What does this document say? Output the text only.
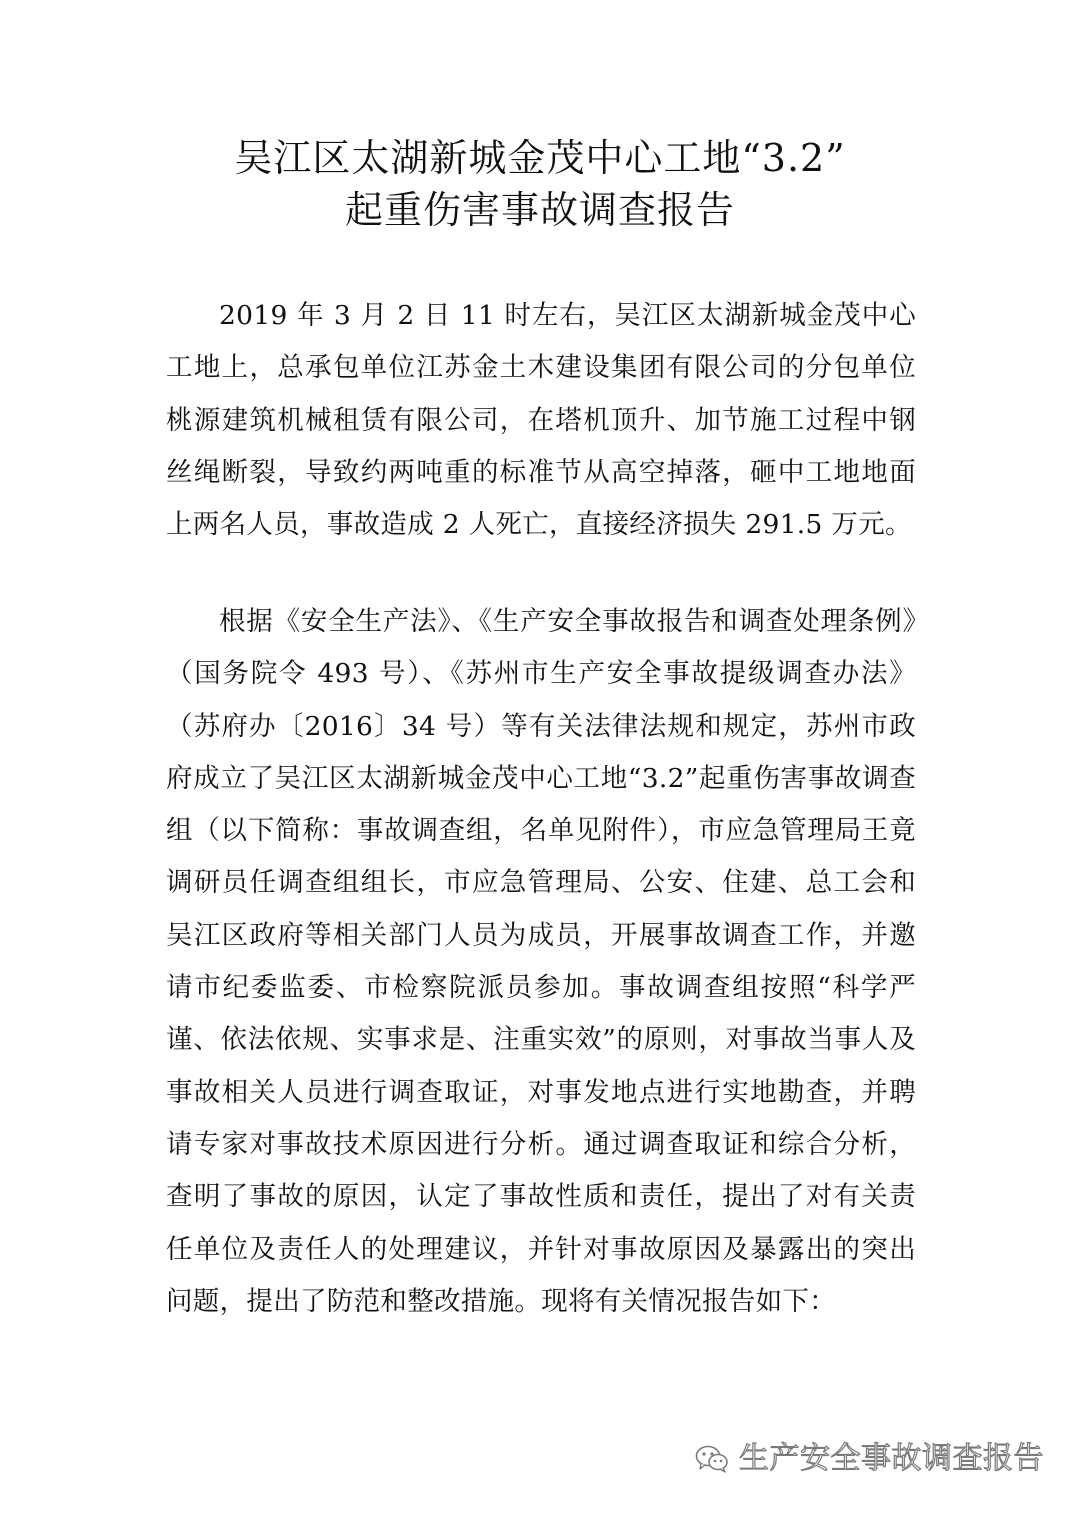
吴江区太湖新城金茂中心工地“3.2”
起重伤害事故调查报告

2019 年 3 月 2 日 11 时左右，吴江区太湖新城金茂中心工地上，总承包单位江苏金土木建设集团有限公司的分包单位桃源建筑机械租赁有限公司，在塔机顶升、加节施工过程中钢丝绳断裂，导致约两吨重的标准节从高空掉落，砸中工地地面上两名人员，事故造成 2 人死亡，直接经济损失 291.5 万元。

根据《安全生产法》、《生产安全事故报告和调查处理条例》（国务院令 493 号）、《苏州市生产安全事故提级调查办法》（苏府办〔2016〕34 号）等有关法律法规和规定，苏州市政府成立了吴江区太湖新城金茂中心工地“3.2”起重伤害事故调查组（以下简称：事故调查组，名单见附件），市应急管理局王竟调研员任调查组组长，市应急管理局、公安、住建、总工会和吴江区政府等相关部门人员为成员，开展事故调查工作，并邀请市纪委监委、市检察院派员参加。事故调查组按照“科学严谨、依法依规、实事求是、注重实效”的原则，对事故当事人及事故相关人员进行调查取证，对事发地点进行实地勘查，并聘请专家对事故技术原因进行分析。通过调查取证和综合分析，查明了事故的原因，认定了事故性质和责任，提出了对有关责任单位及责任人的处理建议，并针对事故原因及暴露出的突出问题，提出了防范和整改措施。现将有关情况报告如下：

生产安全事故调查报告
